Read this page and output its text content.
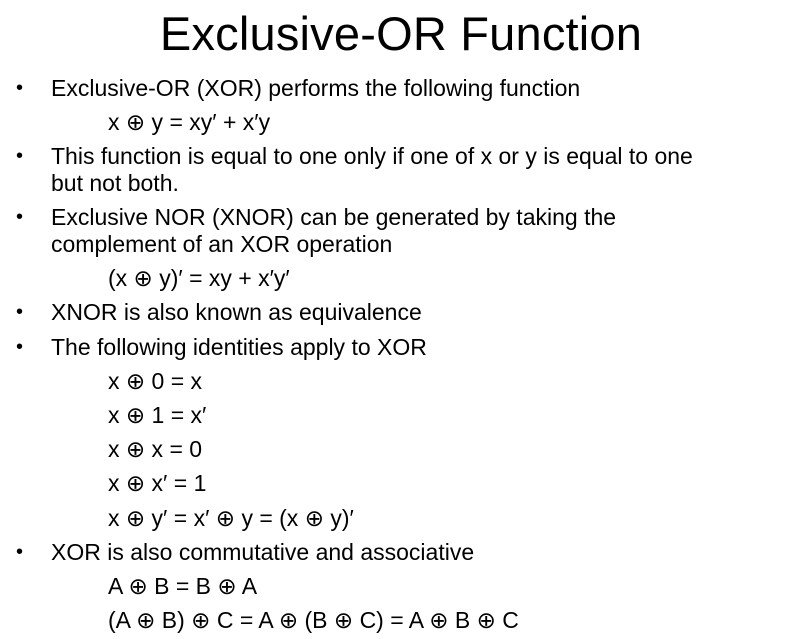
Exclusive-OR Function
• Exclusive-OR (XOR) performs the following function
x ⊕ y = xy′ + x′y
• This function is equal to one only if one of x or y is equal to one
but not both.
• Exclusive NOR (XNOR) can be generated by taking the
complement of an XOR operation
(x ⊕ y)′ = xy + x′y′
• XNOR is also known as equivalence
• The following identities apply to XOR
x ⊕ 0 = x
x ⊕ 1 = x′
x ⊕ x = 0
x ⊕ x′ = 1
x ⊕ y′ = x′ ⊕ y = (x ⊕ y)′
• XOR is also commutative and associative
A ⊕ B = B ⊕ A
(A ⊕ B) ⊕ C = A ⊕ (B ⊕ C) = A ⊕ B ⊕ C
